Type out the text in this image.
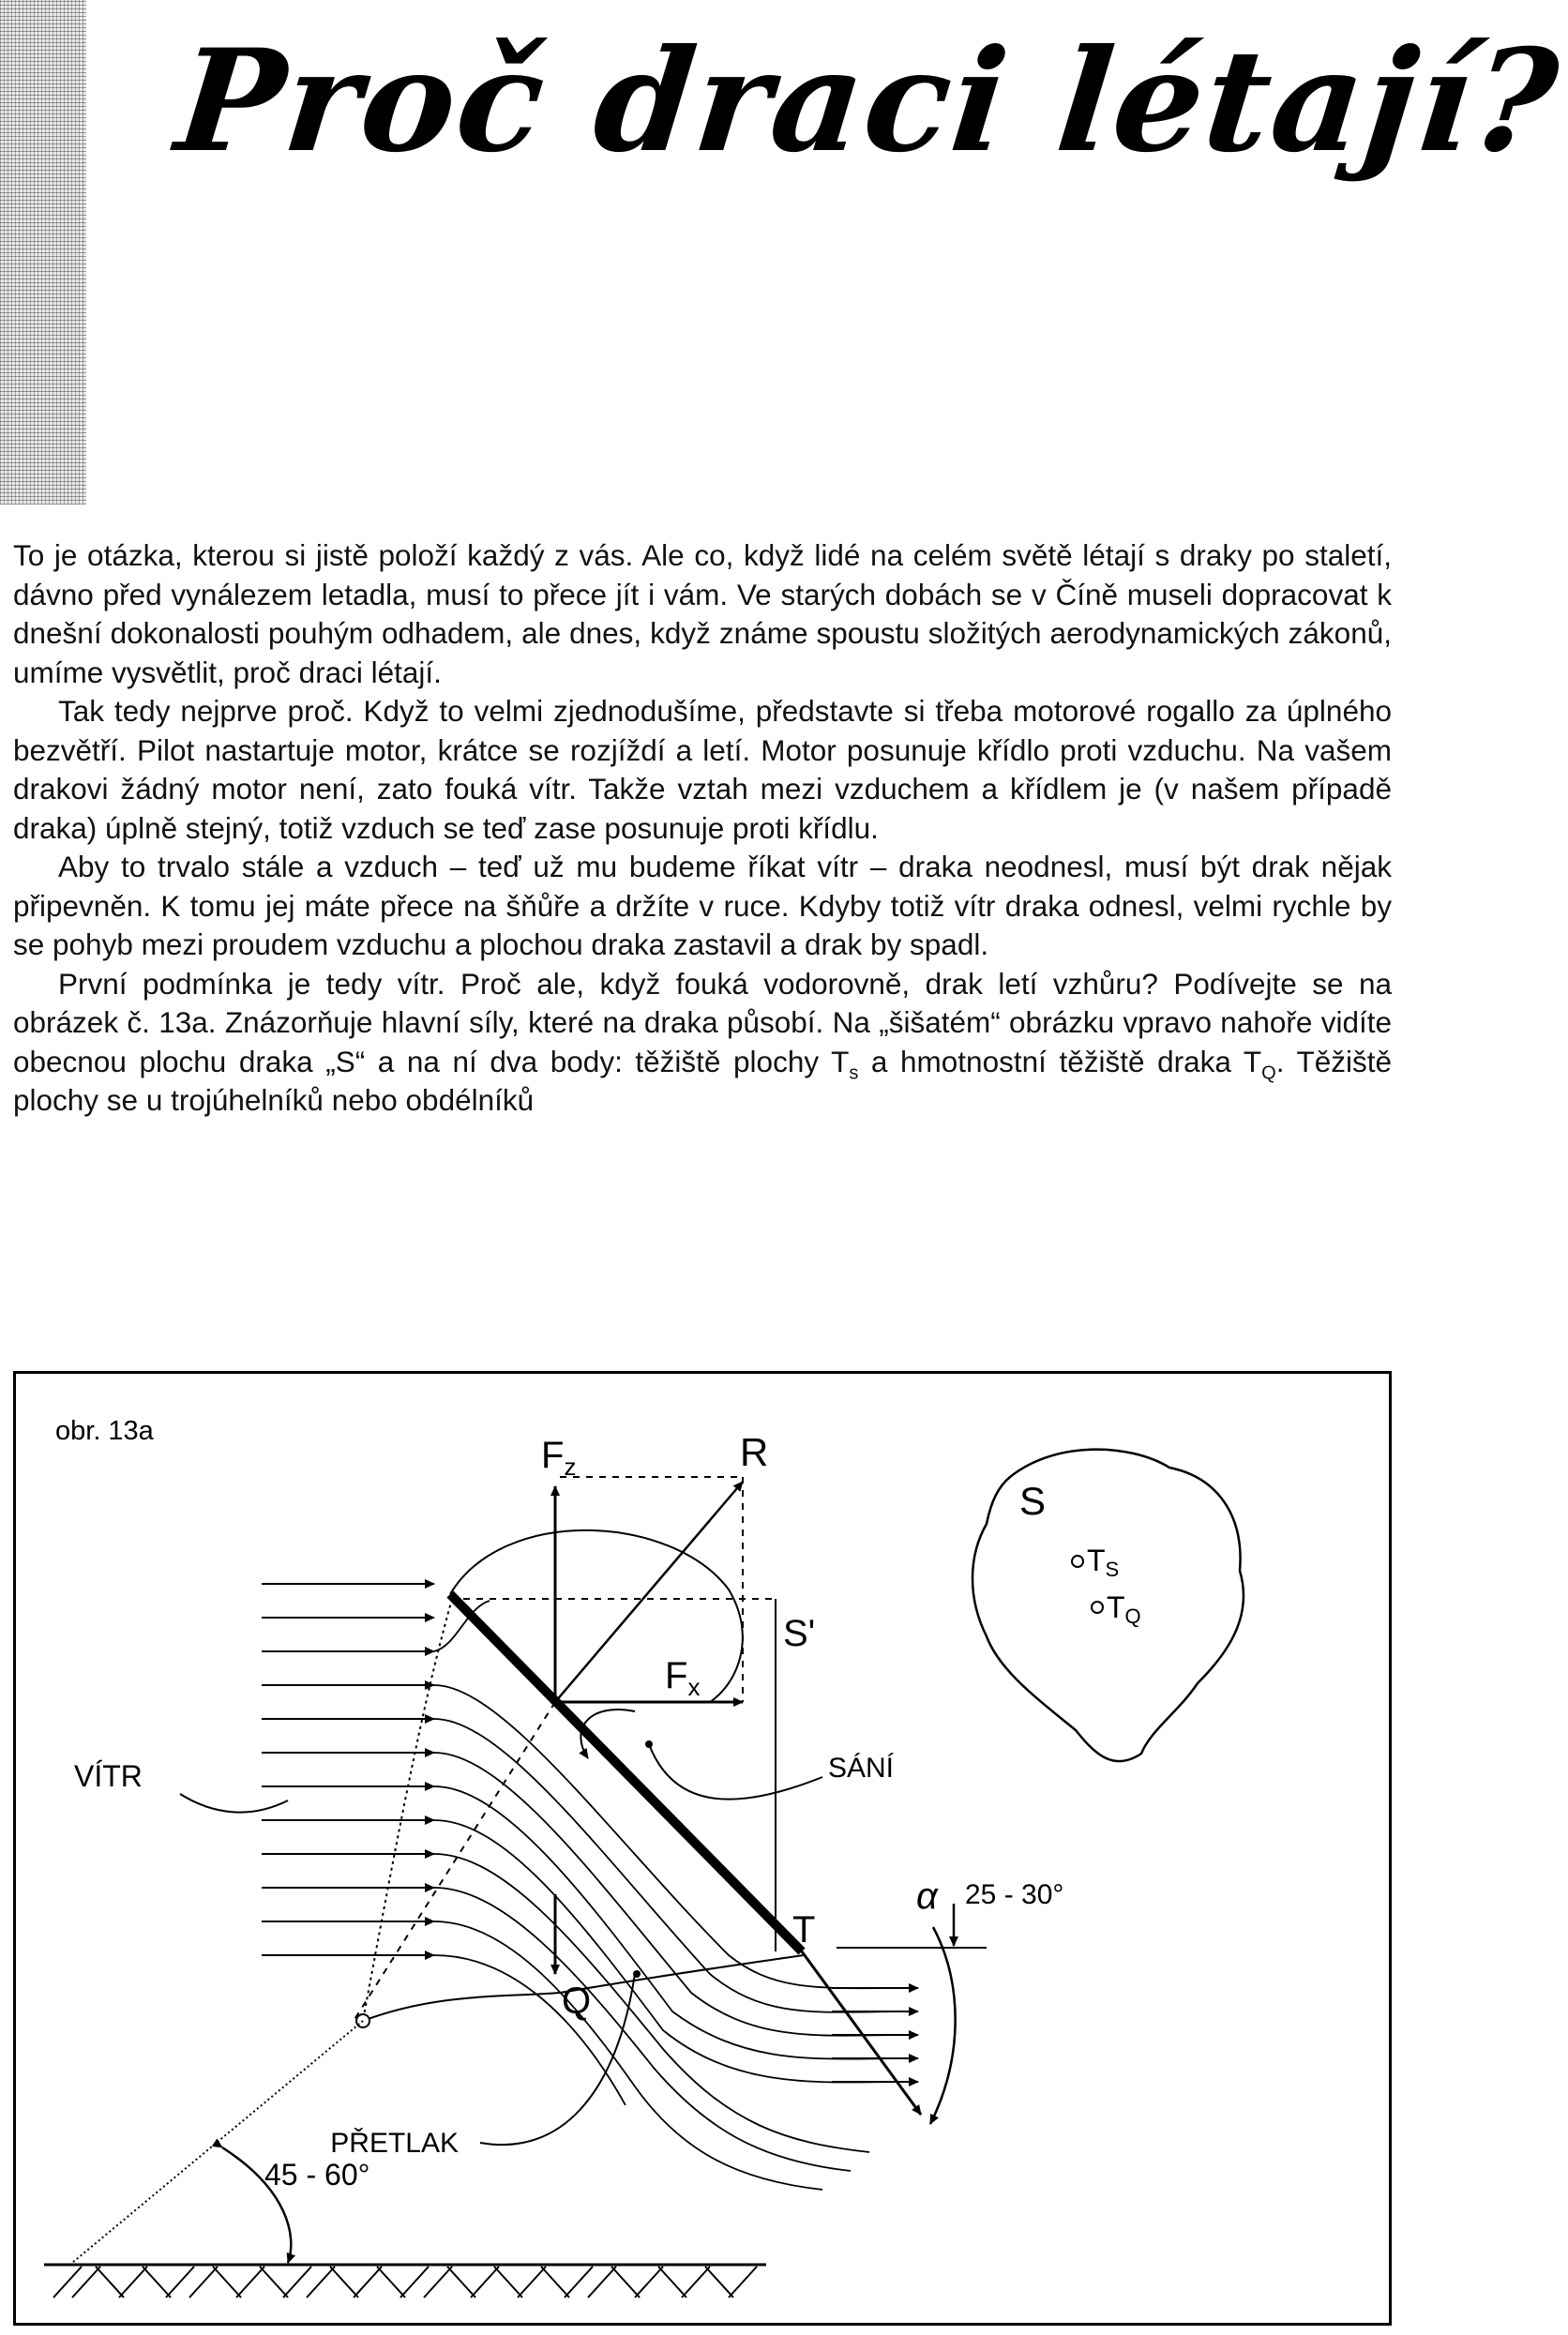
Proč draci létají?

To je otázka, kterou si jistě položí každý z vás. Ale co, když lidé na celém světě létají s draky po staletí, dávno před vynálezem letadla, musí to přece jít i vám. Ve starých dobách se v Číně museli dopracovat k dnešní dokonalosti pouhým odhadem, ale dnes, když známe spoustu složitých aerodynamických zákonů, umíme vysvětlit, proč draci létají.

Tak tedy nejprve proč. Když to velmi zjednodušíme, představte si třeba motorové rogallo za úplného bezvětří. Pilot nastartuje motor, krátce se rozjíždí a letí. Motor posunuje křídlo proti vzduchu. Na vašem drakovi žádný motor není, zato fouká vítr. Takže vztah mezi vzduchem a křídlem je (v našem případě draka) úplně stejný, totiž vzduch se teď zase posunuje proti křídlu.

Aby to trvalo stále a vzduch – teď už mu budeme říkat vítr – draka neodnesl, musí být drak nějak připevněn. K tomu jej máte přece na šňůře a držíte v ruce. Kdyby totiž vítr draka odnesl, velmi rychle by se pohyb mezi proudem vzduchu a plochou draka zastavil a drak by spadl.

První podmínka je tedy vítr. Proč ale, když fouká vodorovně, drak letí vzhůru? Podívejte se na obrázek č. 13a. Znázorňuje hlavní síly, které na draka působí. Na „šišatém“ obrázku vpravo nahoře vidíte obecnou plochu draka „S“ a na ní dva body: těžiště plochy $T_s$ a hmotnostní těžiště draka $T_Q$. Těžiště plochy se u trojúhelníků nebo obdélníků

obr. 13a
$F_z$	R
S'
$F_x$
VÍTR	SÁNÍ
α 25 - 30°
T
Q
PŘETLAK
45 - 60°
S
TS
TQ
